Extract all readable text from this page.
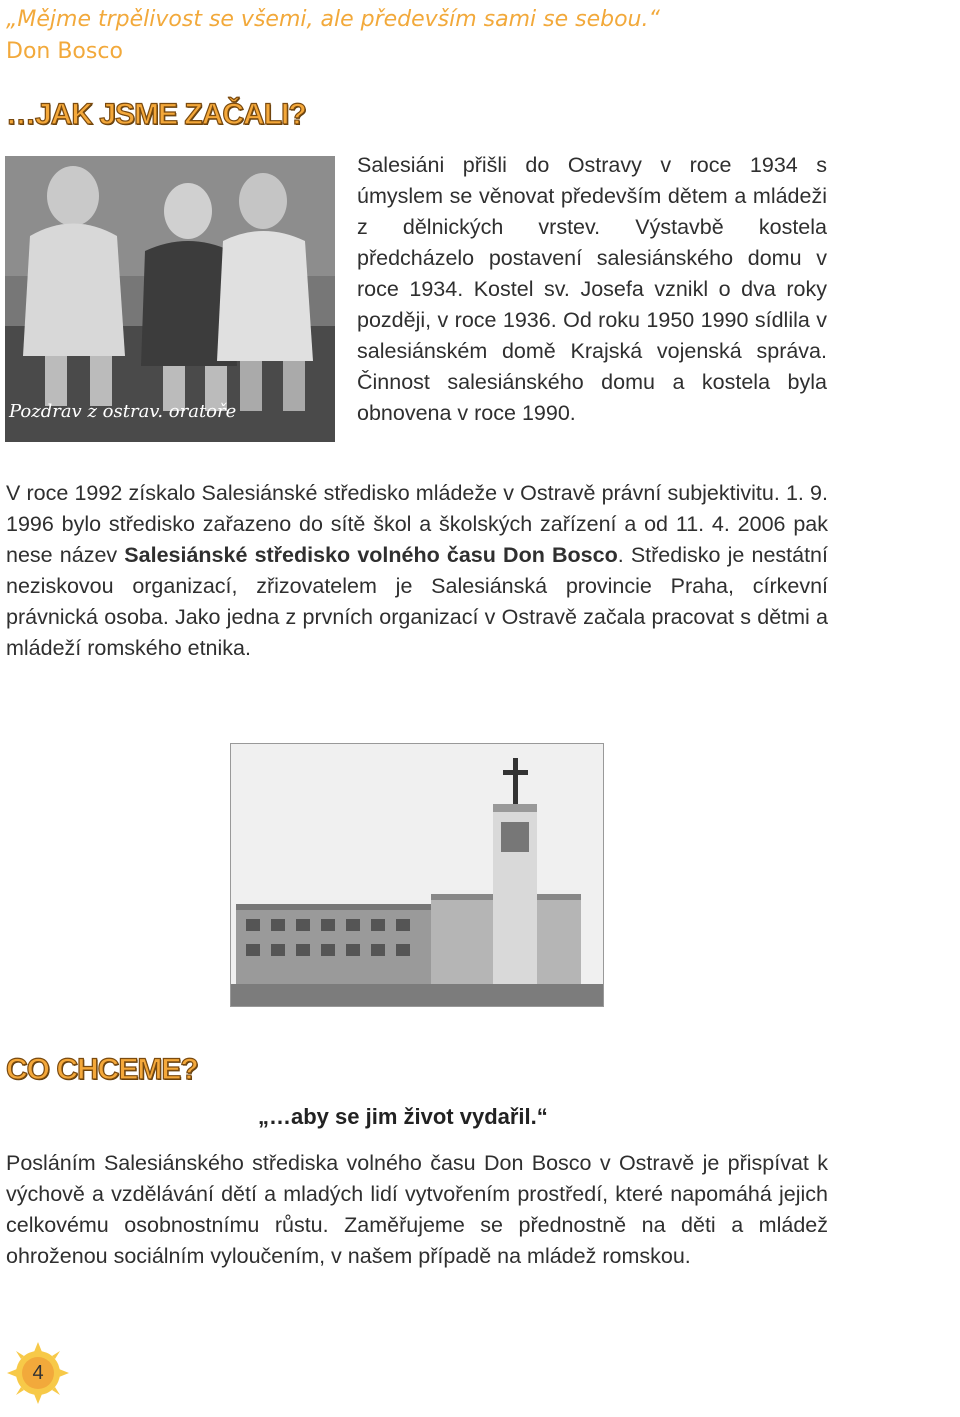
„Mějme trpělivost se všemi, ale především sami se sebou.“
Don Bosco
…JAK JSME ZAČALI?
Pozdrav z ostrav. oratoře
Salesiáni přišli do Ostravy v roce 1934 s úmyslem se věnovat především dětem a mládeži z dělnických vrstev. Výstavbě kostela předcházelo postavení salesiánského domu v roce 1934. Kostel sv. Josefa vznikl o dva roky později, v roce 1936. Od roku 1950 1990 sídlila v salesiánském domě Krajská vojenská správa. Činnost salesiánského domu a kostela byla obnovena v roce 1990.
V roce 1992 získalo Salesiánské středisko mládeže v Ostravě právní subjektivitu. 1. 9. 1996 bylo středisko zařazeno do sítě škol a školských zařízení a od 11. 4. 2006 pak nese název Salesiánské středisko volného času Don Bosco. Středisko je nestátní neziskovou organizací, zřizovatelem je Salesiánská provincie Praha, církevní právnická osoba. Jako jedna z prvních organizací v Ostravě začala pracovat s dětmi a mládeží romského etnika.
CO CHCEME?
„…aby se jim život vydařil.“
Posláním Salesiánského střediska volného času Don Bosco v Ostravě je přispívat k výchově a vzdělávání dětí a mladých lidí vytvořením prostředí, které napomáhá jejich celkovému osobnostnímu růstu. Zaměřujeme se přednostně na děti a mládež ohroženou sociálním vyloučením, v našem případě na mládež romskou.
4
